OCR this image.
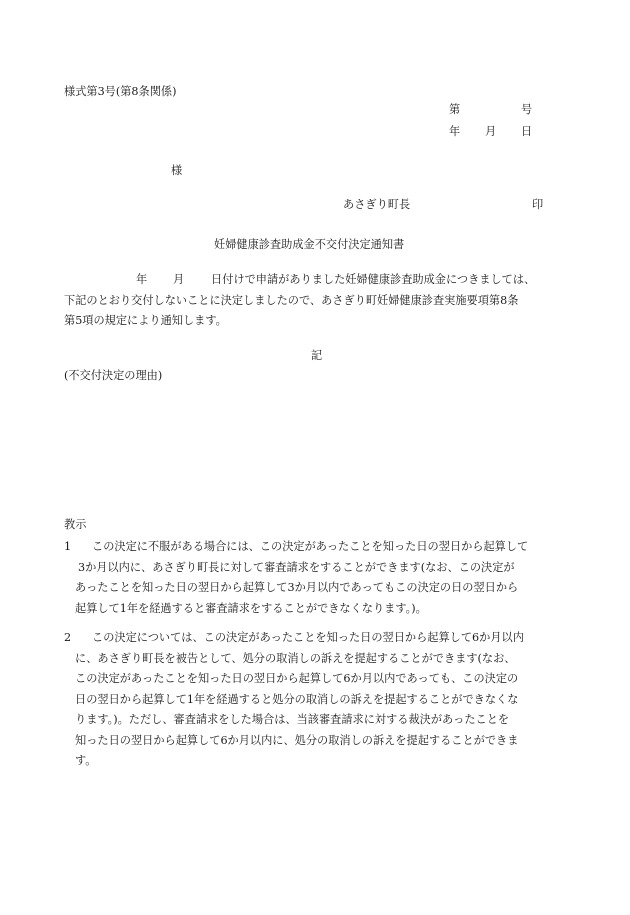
様式第3号(第8条関係)
第	号
年 月 日
様
あさぎり町長	印
妊婦健康診査助成金不交付決定通知書
年 月 日付けで申請がありました妊婦健康診査助成金につきましては、
下記のとおり交付しないことに決定しましたので、あさぎり町妊婦健康診査実施要項第8条
第5項の規定により通知します。
記
(不交付決定の理由)
教示
1 この決定に不服がある場合には、この決定があったことを知った日の翌日から起算して
3か月以内に、あさぎり町長に対して審査請求をすることができます(なお、この決定が
あったことを知った日の翌日から起算して3か月以内であってもこの決定の日の翌日から
起算して1年を経過すると審査請求をすることができなくなります。)。
2 この決定については、この決定があったことを知った日の翌日から起算して6か月以内
に、あさぎり町長を被告として、処分の取消しの訴えを提起することができます(なお、
この決定があったことを知った日の翌日から起算して6か月以内であっても、この決定の
日の翌日から起算して1年を経過すると処分の取消しの訴えを提起することができなくな
ります。)。ただし、審査請求をした場合は、当該審査請求に対する裁決があったことを
知った日の翌日から起算して6か月以内に、処分の取消しの訴えを提起することができま
す。
